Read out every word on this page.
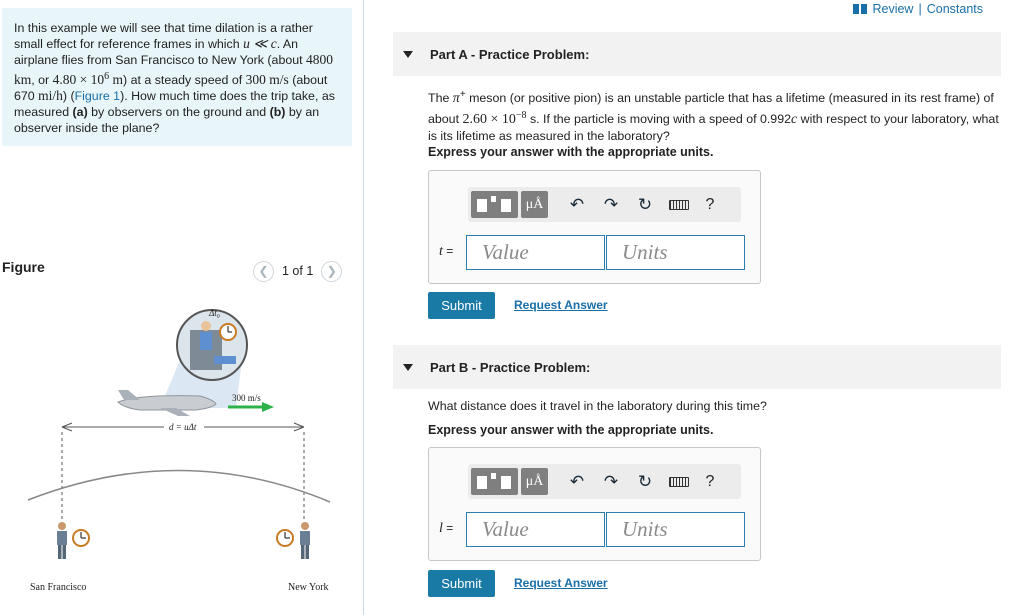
In this example we will see that time dilation is a rather small effect for reference frames in which u ≪ c. An airplane flies from San Francisco to New York (about 4800 km, or $4.80 \times 10^6$ m) at a steady speed of 300 m/s (about 670 mi/h) (Figure 1). How much time does the trip take, as measured (a) by observers on the ground and (b) by an observer inside the plane?
Figure	❮	1 of 1	❯
Δt₀
300 m/s
d = uΔt
San Francisco	New York
Review | Constants
Part A - Practice Problem:
The π+ meson (or positive pion) is an unstable particle that has a lifetime (measured in its rest frame) of about $2.60 \times 10^{-8}$ s. If the particle is moving with a speed of 0.992c with respect to your laboratory, what is its lifetime as measured in the laboratory?
Express your answer with the appropriate units.
μÅ	↶	↷	↻	?
t =	Value	Units
Submit	Request Answer
Part B - Practice Problem:
What distance does it travel in the laboratory during this time?
Express your answer with the appropriate units.
μÅ	↶	↷	↻	?
l =	Value	Units
Submit	Request Answer
